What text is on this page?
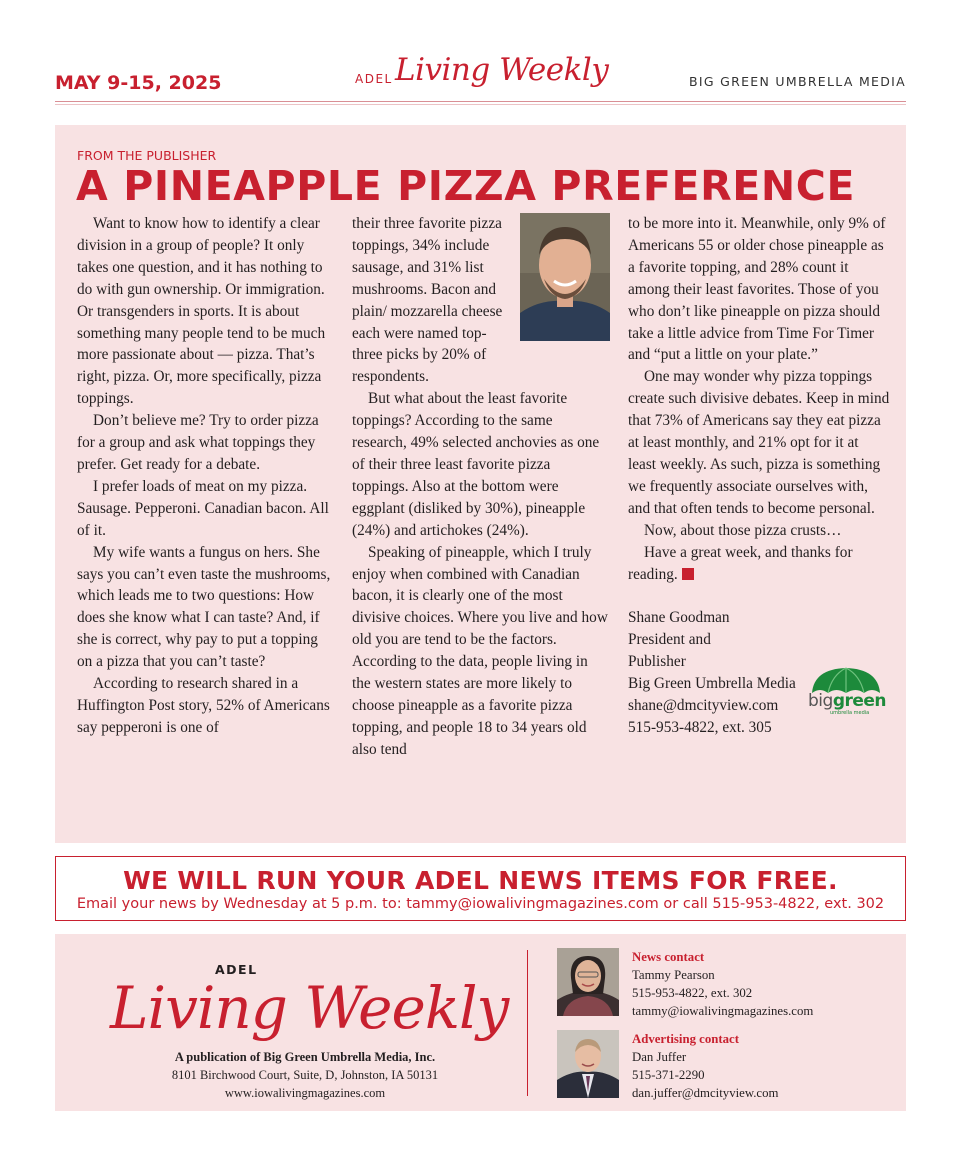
MAY 9-15, 2025	ADEL Living Weekly	BIG GREEN UMBRELLA MEDIA
FROM THE PUBLISHER
A PINEAPPLE PIZZA PREFERENCE

Want to know how to identify a clear division in a group of people? It only takes one question, and it has nothing to do with gun ownership. Or immigration. Or transgenders in sports. It is about something many people tend to be much more passionate about — pizza. That’s right, pizza. Or, more specifically, pizza toppings.

Don’t believe me? Try to order pizza for a group and ask what toppings they prefer. Get ready for a debate.

I prefer loads of meat on my pizza. Sausage. Pepperoni. Canadian bacon. All of it.

My wife wants a fungus on hers. She says you can’t even taste the mushrooms, which leads me to two questions: How does she know what I can taste? And, if she is correct, why pay to put a topping on a pizza that you can’t taste?

According to research shared in a Huffington Post story, 52% of Americans say pepperoni is one of

their three favorite pizza toppings, 34% include sausage, and 31% list mushrooms. Bacon and plain/ mozzarella cheese each were named top-three picks by 20% of respondents.

But what about the least favorite toppings? According to the same research, 49% selected anchovies as one of their three least favorite pizza toppings. Also at the bottom were eggplant (disliked by 30%), pineapple (24%) and artichokes (24%).

Speaking of pineapple, which I truly enjoy when combined with Canadian bacon, it is clearly one of the most divisive choices. Where you live and how old you are tend to be the factors. According to the data, people living in the western states are more likely to choose pineapple as a favorite pizza topping, and people 18 to 34 years old also tend

to be more into it. Meanwhile, only 9% of Americans 55 or older chose pineapple as a favorite topping, and 28% count it among their least favorites. Those of you who don’t like pineapple on pizza should take a little advice from Time For Timer and “put a little on your plate.”

One may wonder why pizza toppings create such divisive debates. Keep in mind that 73% of Americans say they eat pizza at least monthly, and 21% opt for it at least weekly. As such, pizza is something we frequently associate ourselves with, and that often tends to become personal.

Now, about those pizza crusts…

Have a great week, and thanks for reading.

Shane Goodman
President and
Publisher
Big Green Umbrella Media
shane@dmcityview.com
515-953-4822, ext. 305
biggreen
umbrella media
WE WILL RUN YOUR ADEL NEWS ITEMS FOR FREE.
Email your news by Wednesday at 5 p.m. to: tammy@iowalivingmagazines.com or call 515-953-4822, ext. 302
ADEL
Living Weekly
A publication of Big Green Umbrella Media, Inc.
8101 Birchwood Court, Suite, D, Johnston, IA 50131
www.iowalivingmagazines.com
News contact
Tammy Pearson
515-953-4822, ext. 302
tammy@iowalivingmagazines.com
Advertising contact
Dan Juffer
515-371-2290
dan.juffer@dmcityview.com
